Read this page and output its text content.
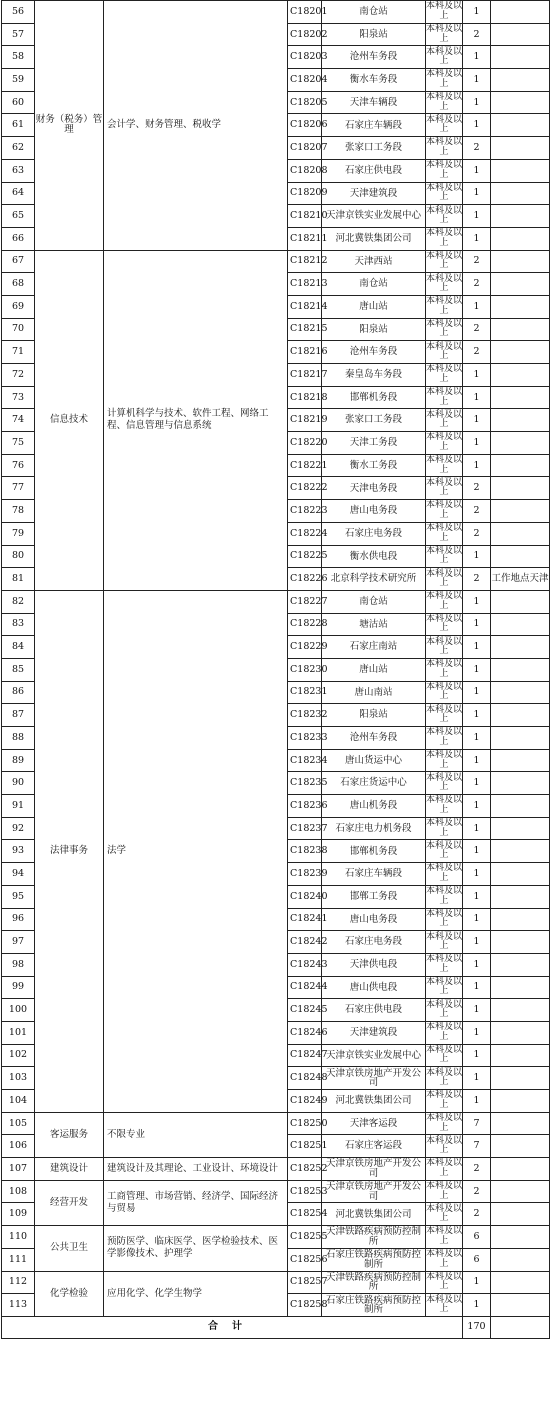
56	财务（税务）管理	会计学、财务管理、税收学	C18201	南仓站	本科及以上	1	
57			C18202	阳泉站	本科及以上	2	
58			C18203	沧州车务段	本科及以上	1	
59			C18204	衡水车务段	本科及以上	1	
60			C18205	天津车辆段	本科及以上	1	
61			C18206	石家庄车辆段	本科及以上	1	
62			C18207	张家口工务段	本科及以上	2	
63			C18208	石家庄供电段	本科及以上	1	
64			C18209	天津建筑段	本科及以上	1	
65			C18210	天津京铁实业发展中心	本科及以上	1	
66			C18211	河北冀铁集团公司	本科及以上	1	
67	信息技术	计算机科学与技术、软件工程、网络工程、信息管理与信息系统	C18212	天津西站	本科及以上	2	
68			C18213	南仓站	本科及以上	2	
69			C18214	唐山站	本科及以上	1	
70			C18215	阳泉站	本科及以上	2	
71			C18216	沧州车务段	本科及以上	2	
72			C18217	秦皇岛车务段	本科及以上	1	
73			C18218	邯郸机务段	本科及以上	1	
74			C18219	张家口工务段	本科及以上	1	
75			C18220	天津工务段	本科及以上	1	
76			C18221	衡水工务段	本科及以上	1	
77			C18222	天津电务段	本科及以上	2	
78			C18223	唐山电务段	本科及以上	2	
79			C18224	石家庄电务段	本科及以上	2	
80			C18225	衡水供电段	本科及以上	1	
81			C18226	北京科学技术研究所	本科及以上	2	工作地点天津
82	法律事务	法学	C18227	南仓站	本科及以上	1	
83			C18228	塘沽站	本科及以上	1	
84			C18229	石家庄南站	本科及以上	1	
85			C18230	唐山站	本科及以上	1	
86			C18231	唐山南站	本科及以上	1	
87			C18232	阳泉站	本科及以上	1	
88			C18233	沧州车务段	本科及以上	1	
89			C18234	唐山货运中心	本科及以上	1	
90			C18235	石家庄货运中心	本科及以上	1	
91			C18236	唐山机务段	本科及以上	1	
92			C18237	石家庄电力机务段	本科及以上	1	
93			C18238	邯郸机务段	本科及以上	1	
94			C18239	石家庄车辆段	本科及以上	1	
95			C18240	邯郸工务段	本科及以上	1	
96			C18241	唐山电务段	本科及以上	1	
97			C18242	石家庄电务段	本科及以上	1	
98			C18243	天津供电段	本科及以上	1	
99			C18244	唐山供电段	本科及以上	1	
100			C18245	石家庄供电段	本科及以上	1	
101			C18246	天津建筑段	本科及以上	1	
102			C18247	天津京铁实业发展中心	本科及以上	1	
103			C18248	天津京铁房地产开发公司	本科及以上	1	
104			C18249	河北冀铁集团公司	本科及以上	1	
105	客运服务	不限专业	C18250	天津客运段	本科及以上	7	
106			C18251	石家庄客运段	本科及以上	7	
107	建筑设计	建筑设计及其理论、工业设计、环境设计	C18252	天津京铁房地产开发公司	本科及以上	2	
108	经营开发	工商管理、市场营销、经济学、国际经济与贸易	C18253	天津京铁房地产开发公司	本科及以上	2	
109			C18254	河北冀铁集团公司	本科及以上	2	
110	公共卫生	预防医学、临床医学、医学检验技术、医学影像技术、护理学	C18255	天津铁路疾病预防控制所	本科及以上	6	
111			C18256	石家庄铁路疾病预防控制所	本科及以上	6	
112	化学检验	应用化学、化学生物学	C18257	天津铁路疾病预防控制所	本科及以上	1	
113			C18258	石家庄铁路疾病预防控制所	本科及以上	1	
合计						170	
